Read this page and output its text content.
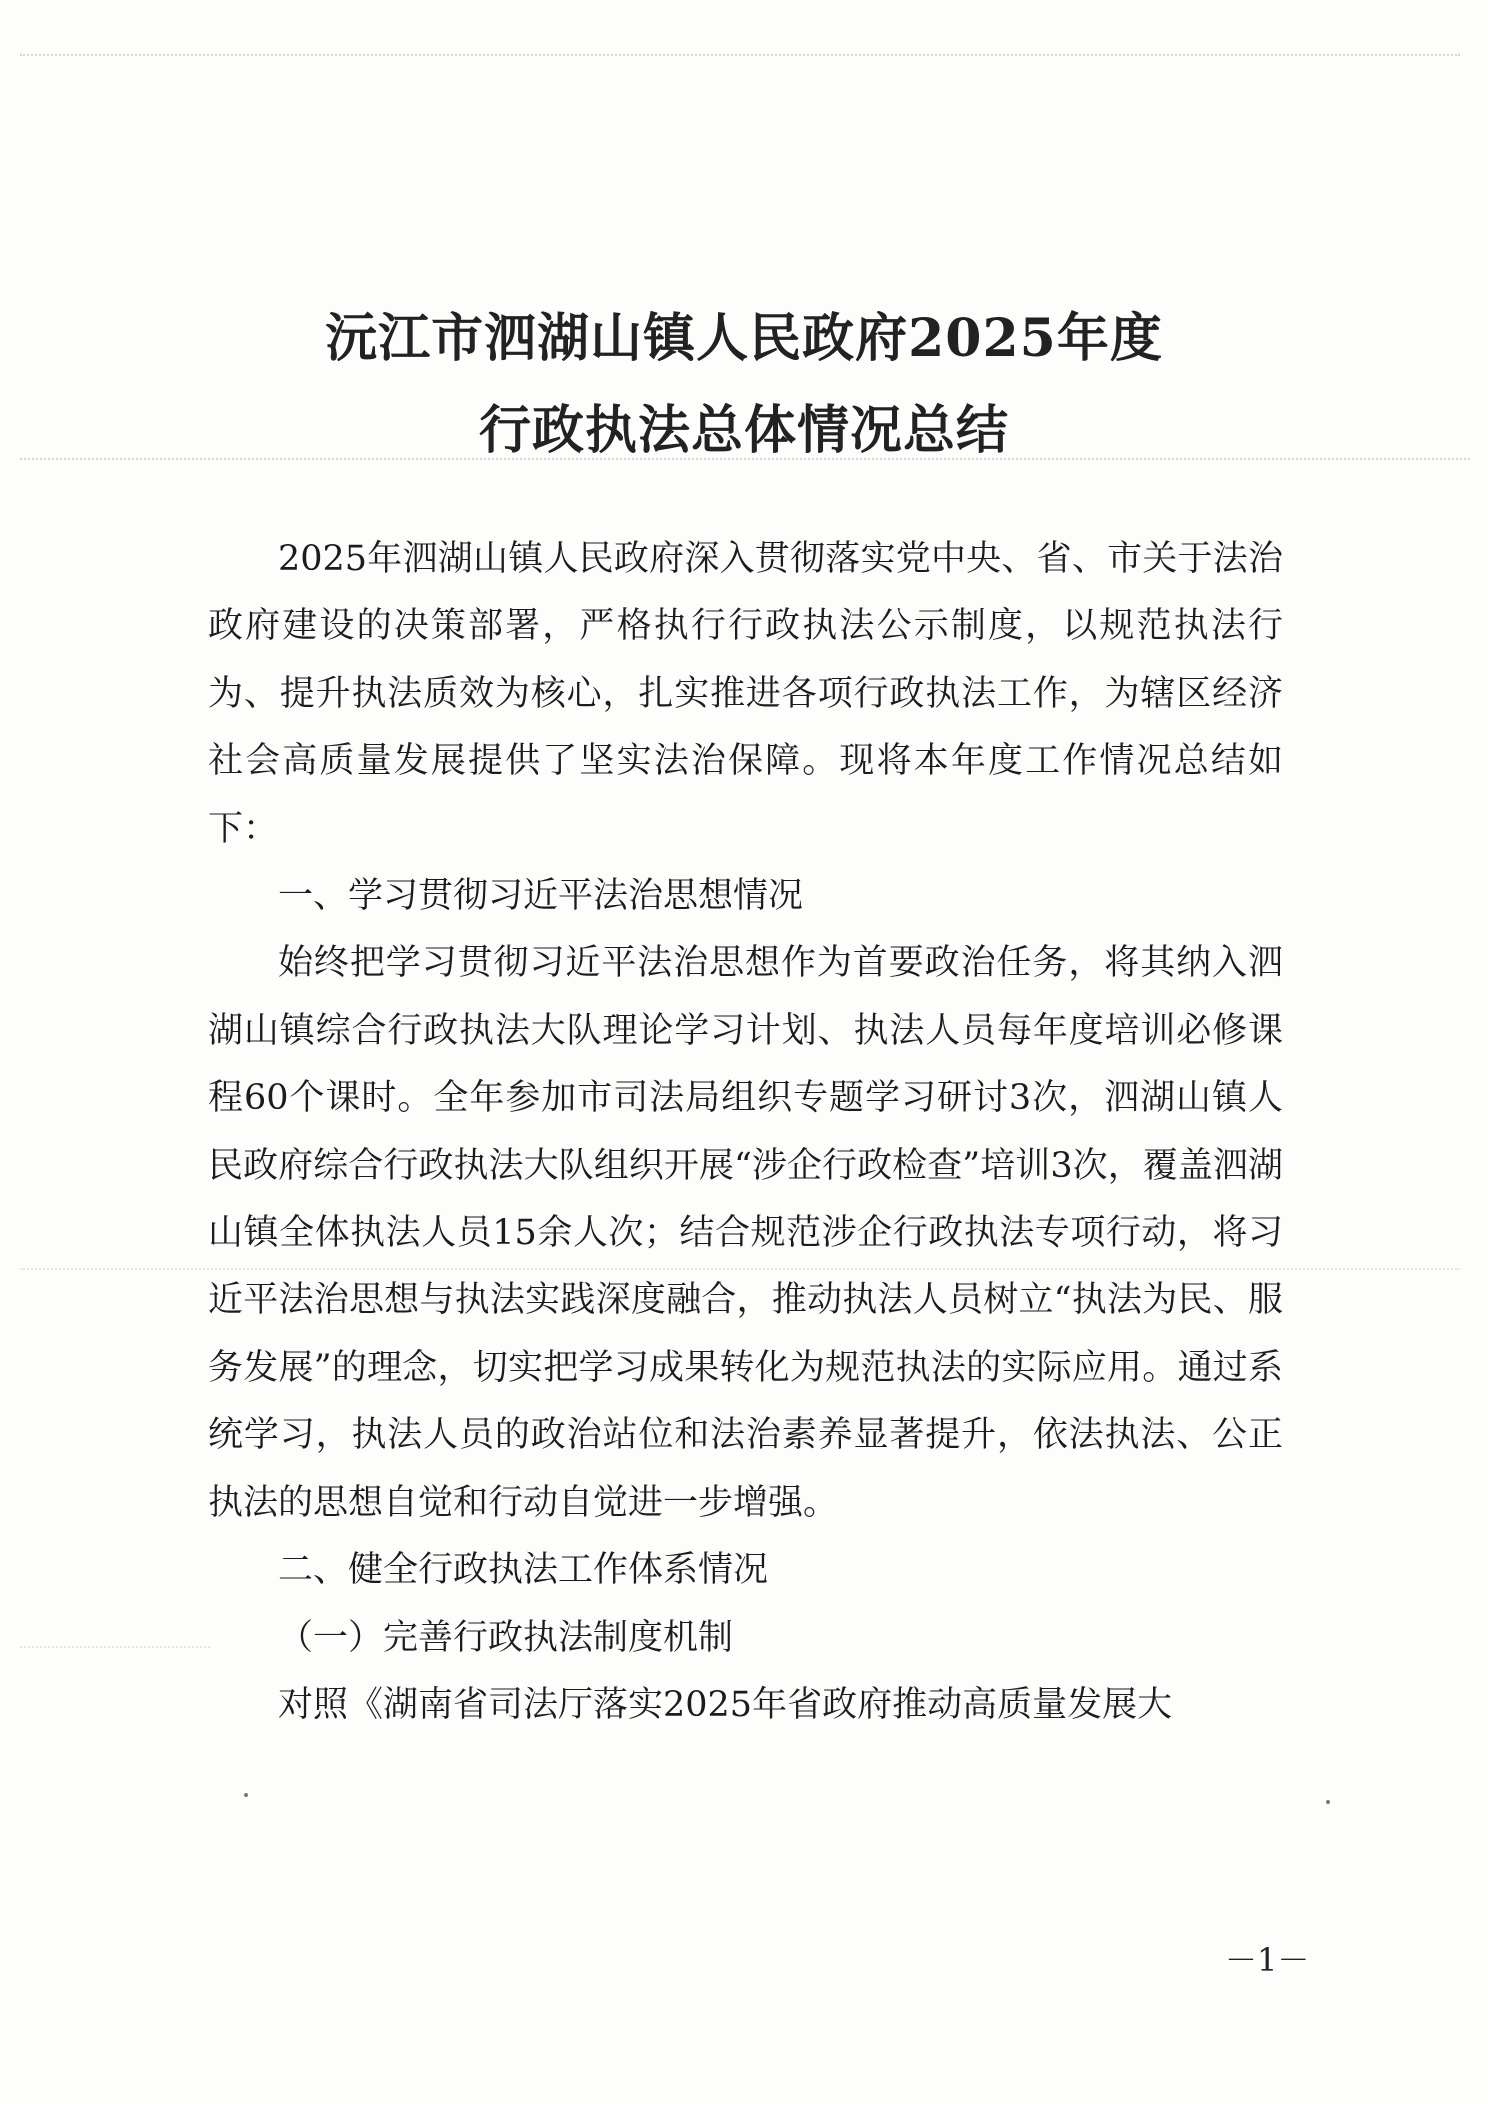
沅江市泗湖山镇人民政府2025年度
行政执法总体情况总结

2025年泗湖山镇人民政府深入贯彻落实党中央、省、市关于法治政府建设的决策部署，严格执行行政执法公示制度，以规范执法行为、提升执法质效为核心，扎实推进各项行政执法工作，为辖区经济社会高质量发展提供了坚实法治保障。现将本年度工作情况总结如下：

一、学习贯彻习近平法治思想情况

始终把学习贯彻习近平法治思想作为首要政治任务，将其纳入泗湖山镇综合行政执法大队理论学习计划、执法人员每年度培训必修课程60个课时。全年参加市司法局组织专题学习研讨3次，泗湖山镇人民政府综合行政执法大队组织开展“涉企行政检查”培训3次，覆盖泗湖山镇全体执法人员15余人次；结合规范涉企行政执法专项行动，将习近平法治思想与执法实践深度融合，推动执法人员树立“执法为民、服务发展”的理念，切实把学习成果转化为规范执法的实际应用。通过系统学习，执法人员的政治站位和法治素养显著提升，依法执法、公正执法的思想自觉和行动自觉进一步增强。

二、健全行政执法工作体系情况

（一）完善行政执法制度机制

对照《湖南省司法厅落实2025年省政府推动高质量发展大

－1－
